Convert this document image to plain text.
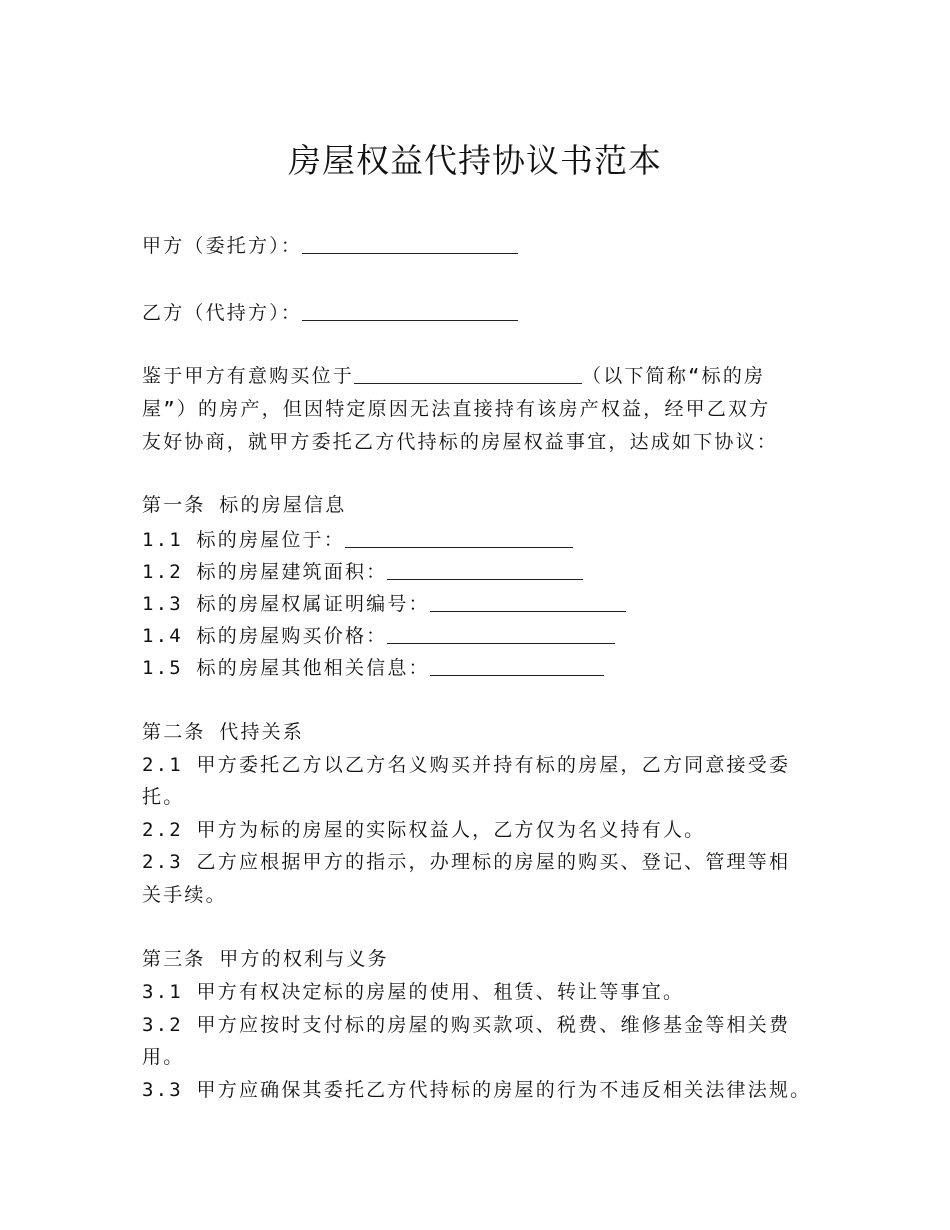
房屋权益代持协议书范本
甲方（委托方）：
乙方（代持方）：
鉴于甲方有意购买位于	（以下简称“标的房
屋”）的房产，但因特定原因无法直接持有该房产权益，经甲乙双方
友好协商，就甲方委托乙方代持标的房屋权益事宜，达成如下协议：
第一条 标的房屋信息
1.1 标的房屋位于：
1.2 标的房屋建筑面积：
1.3 标的房屋权属证明编号：
1.4 标的房屋购买价格：
1.5 标的房屋其他相关信息：
第二条 代持关系
2.1 甲方委托乙方以乙方名义购买并持有标的房屋，乙方同意接受委
托。
2.2 甲方为标的房屋的实际权益人，乙方仅为名义持有人。
2.3 乙方应根据甲方的指示，办理标的房屋的购买、登记、管理等相
关手续。
第三条 甲方的权利与义务
3.1 甲方有权决定标的房屋的使用、租赁、转让等事宜。
3.2 甲方应按时支付标的房屋的购买款项、税费、维修基金等相关费
用。
3.3 甲方应确保其委托乙方代持标的房屋的行为不违反相关法律法规。
